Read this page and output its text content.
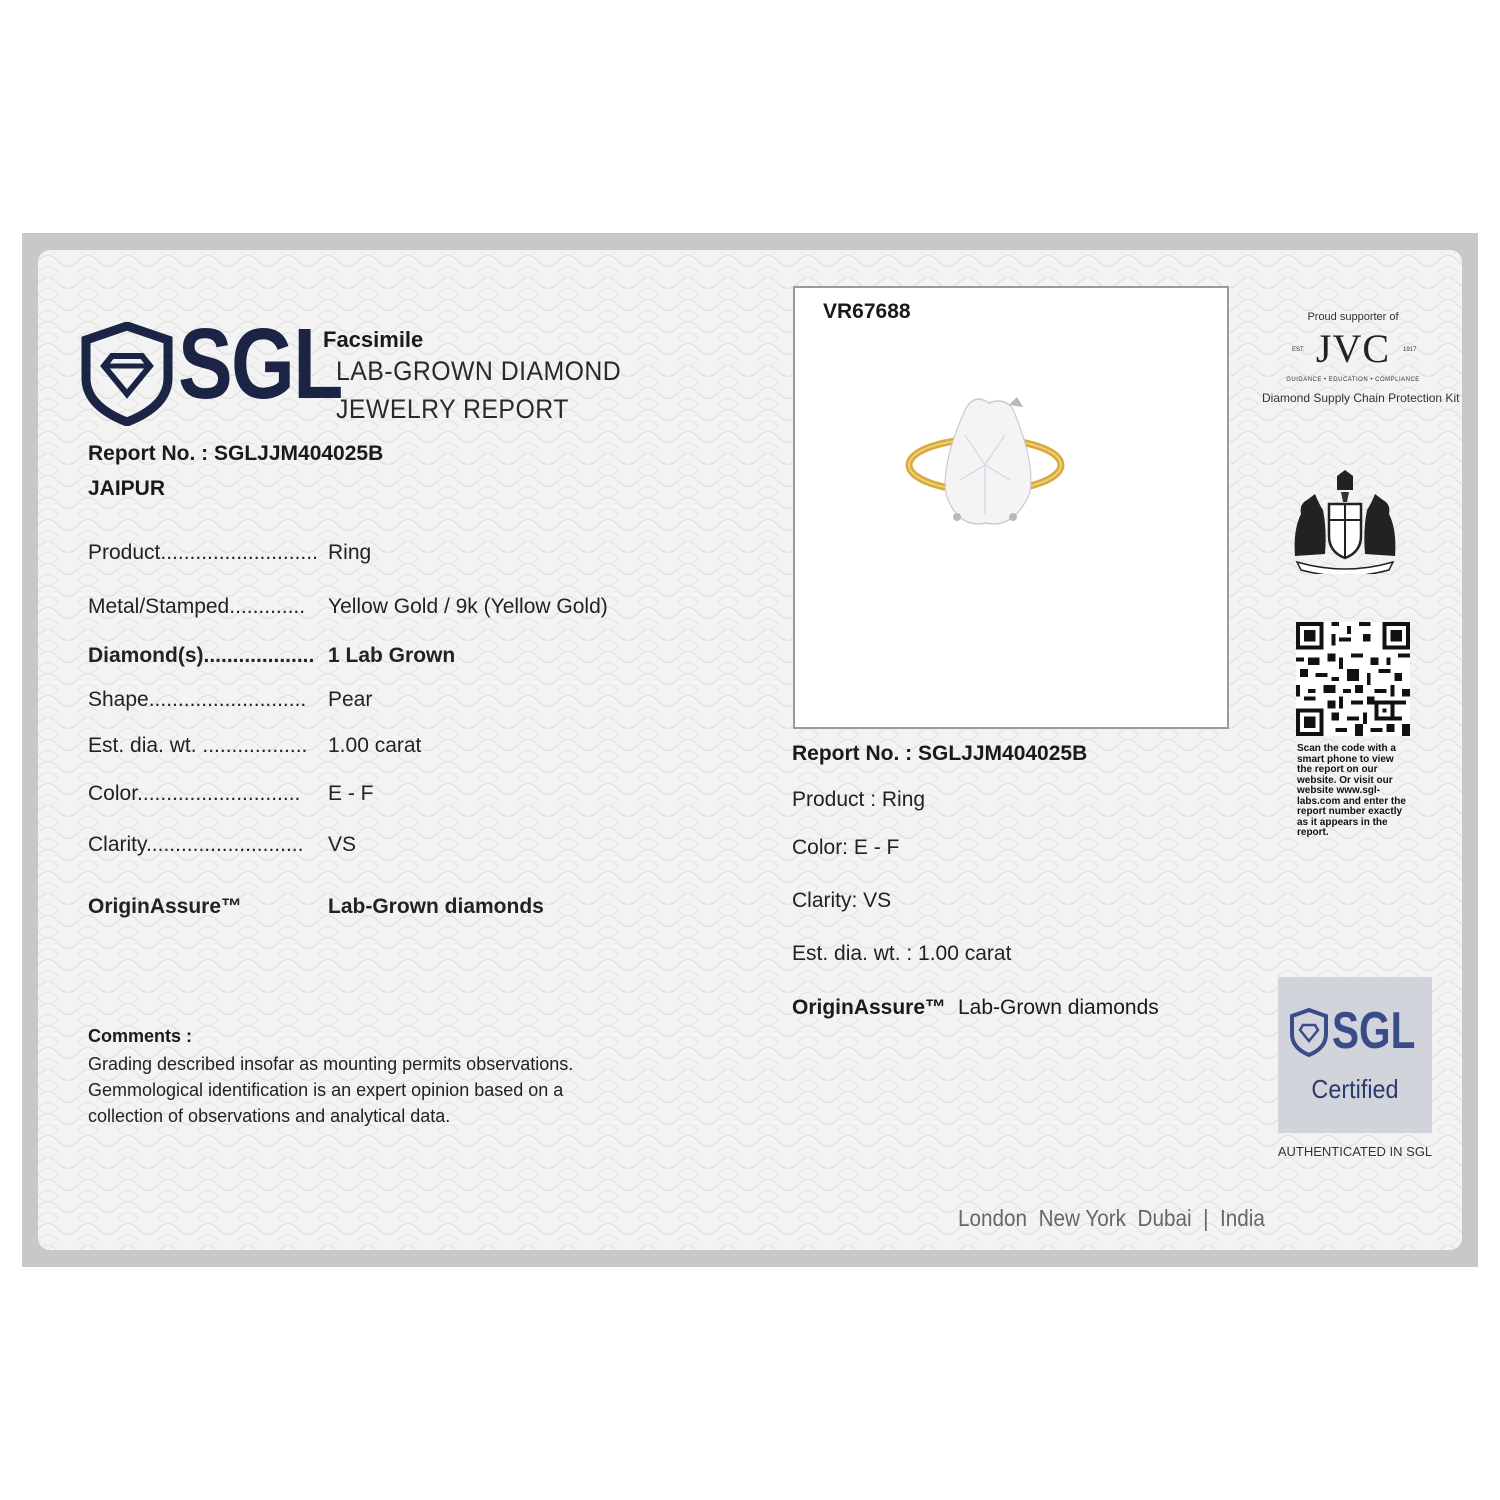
SGL
Facsimile
LAB-GROWN DIAMOND
JEWELRY REPORT
Report No. : SGLJJM404025B
JAIPUR
Product........................... Ring
Metal/Stamped............. Yellow Gold / 9k (Yellow Gold)
Diamond(s)................... 1 Lab Grown
Shape........................... Pear
Est. dia. wt. .................. 1.00 carat
Color............................ E - F
Clarity........................... VS
OriginAssure™	Lab-Grown diamonds
Comments :
Grading described insofar as mounting permits observations. Gemmological identification is an expert opinion based on a collection of observations and analytical data.
VR67688
Report No. : SGLJJM404025B
Product : Ring
Color: E - F
Clarity: VS
Est. dia. wt. : 1.00 carat
OriginAssure™ Lab-Grown diamonds
Proud supporter of
JVC
EST.	1917
GUIDANCE • EDUCATION • COMPLIANCE
Diamond Supply Chain Protection Kit
Scan the code with a smart phone to view the report on our website. Or visit our website www.sgl-labs.com and enter the report number exactly as it appears in the report.
SGL
Certified
AUTHENTICATED IN SGL
London  New York  Dubai  |  India
